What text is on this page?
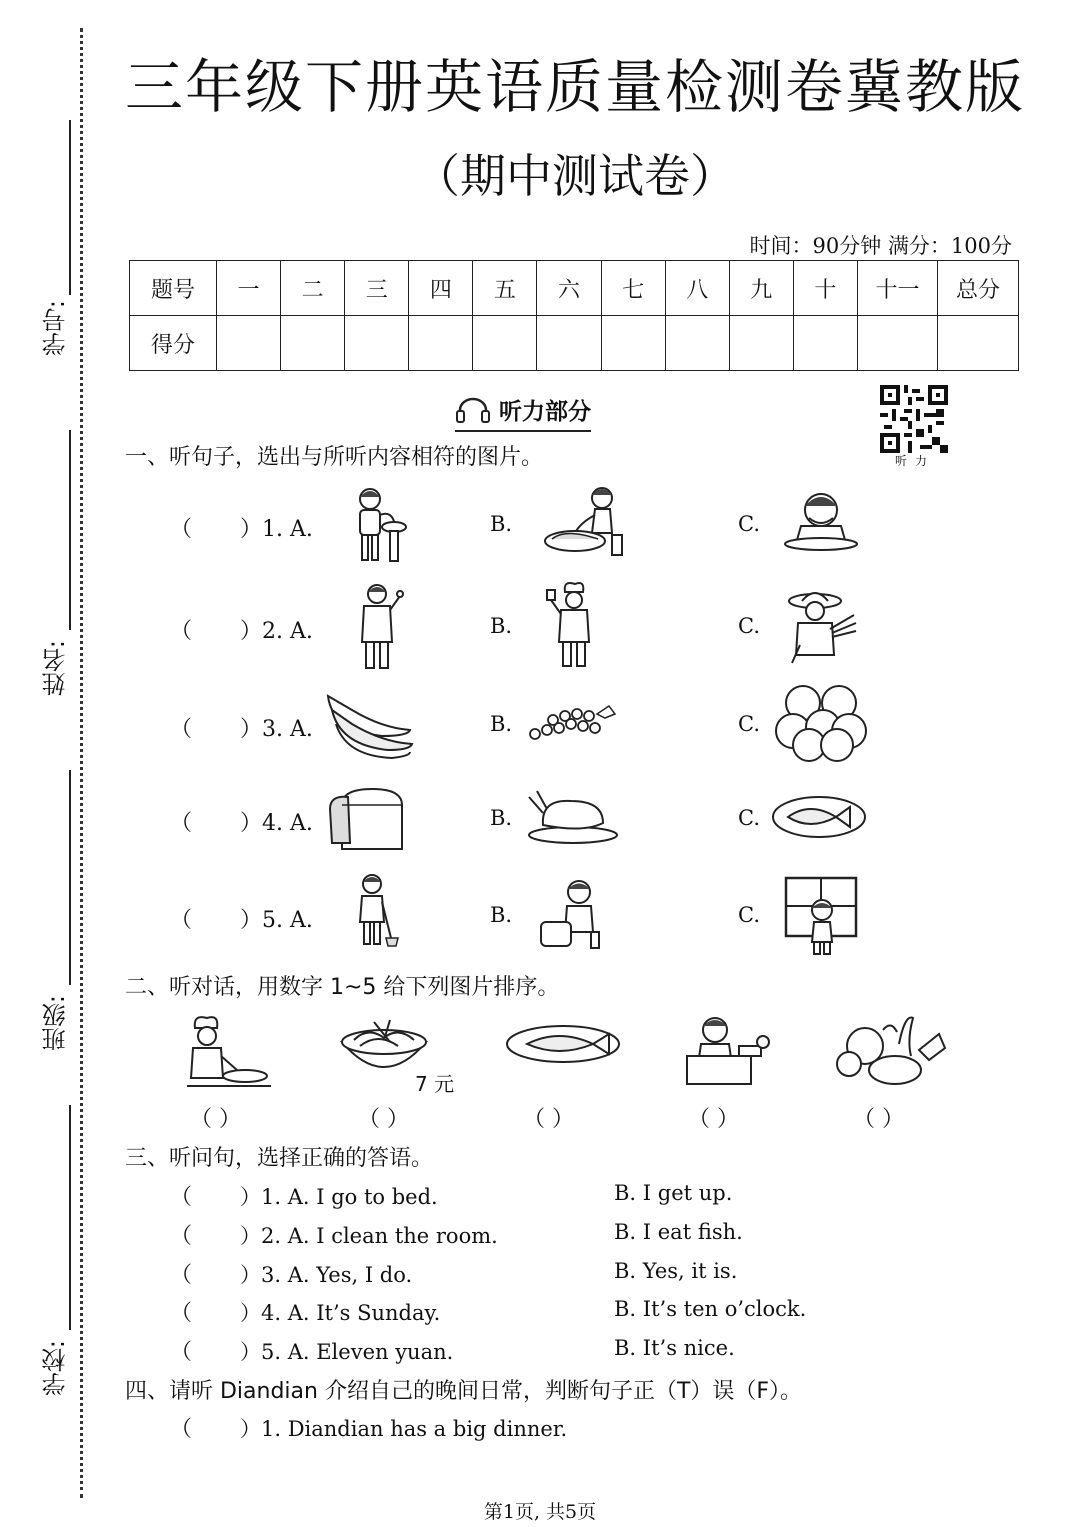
学号:
姓名:
班级:
学校:
三年级下册英语质量检测卷冀教版
（期中测试卷）
时间：90分钟 满分：100分
题号	一	二	三	四	五	六	七	八	九	十	十一	总分
得分												
听力部分
听力
一、听句子，选出与所听内容相符的图片。
（ ）1. A.	B.	C.
（ ）2. A.	B.	C.
（ ）3. A.	B.	C.
（ ）4. A.	B.	C.
（ ）5. A.	B.	C.
二、听对话，用数字 1~5 给下列图片排序。
7 元
（ ）	（ ）	（ ）	（ ）	（ ）
三、听问句，选择正确的答语。
（ ）1. A. I go to bed.	B. I get up.
（ ）2. A. I clean the room.	B. I eat fish.
（ ）3. A. Yes, I do.	B. Yes, it is.
（ ）4. A. It’s Sunday.	B. It’s ten o’clock.
（ ）5. A. Eleven yuan.	B. It’s nice.
四、请听 Diandian 介绍自己的晚间日常，判断句子正（T）误（F）。
（ ）1. Diandian has a big dinner.
第1页, 共5页
